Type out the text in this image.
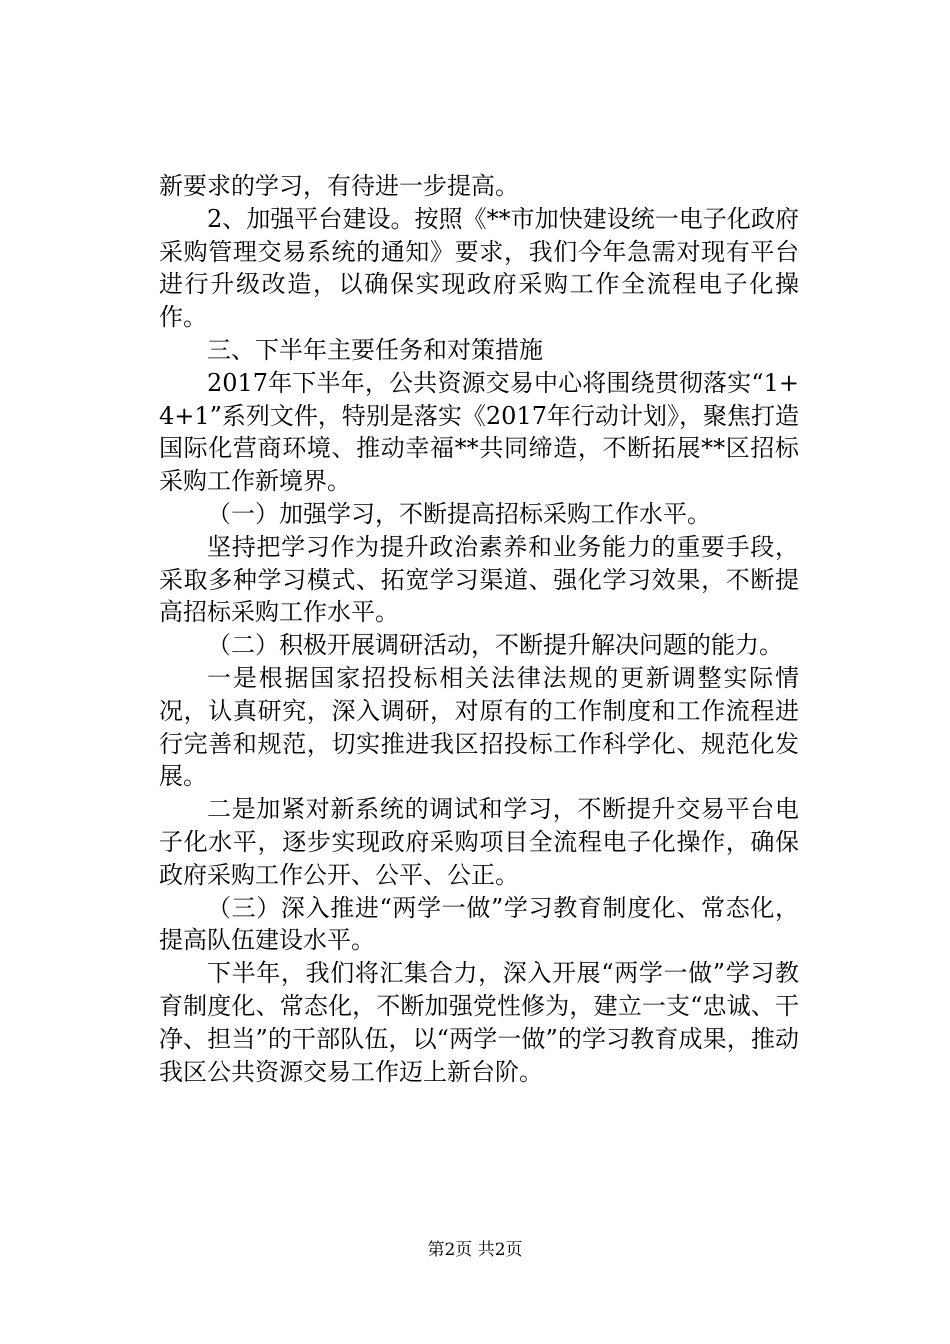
新要求的学习，有待进一步提高。

2、加强平台建设。按照《**市加快建设统一电子化政府采购管理交易系统的通知》要求，我们今年急需对现有平台进行升级改造，以确保实现政府采购工作全流程电子化操作。

三、下半年主要任务和对策措施

2017年下半年，公共资源交易中心将围绕贯彻落实“1+4+1”系列文件，特别是落实《2017年行动计划》，聚焦打造国际化营商环境、推动幸福**共同缔造，不断拓展**区招标采购工作新境界。

（一）加强学习，不断提高招标采购工作水平。

坚持把学习作为提升政治素养和业务能力的重要手段，采取多种学习模式、拓宽学习渠道、强化学习效果，不断提高招标采购工作水平。

（二）积极开展调研活动，不断提升解决问题的能力。

一是根据国家招投标相关法律法规的更新调整实际情况，认真研究，深入调研，对原有的工作制度和工作流程进行完善和规范，切实推进我区招投标工作科学化、规范化发展。

二是加紧对新系统的调试和学习，不断提升交易平台电子化水平，逐步实现政府采购项目全流程电子化操作，确保政府采购工作公开、公平、公正。

（三）深入推进“两学一做”学习教育制度化、常态化，提高队伍建设水平。

下半年，我们将汇集合力，深入开展“两学一做”学习教育制度化、常态化，不断加强党性修为，建立一支“忠诚、干净、担当”的干部队伍，以“两学一做”的学习教育成果，推动我区公共资源交易工作迈上新台阶。

第2页 共2页
